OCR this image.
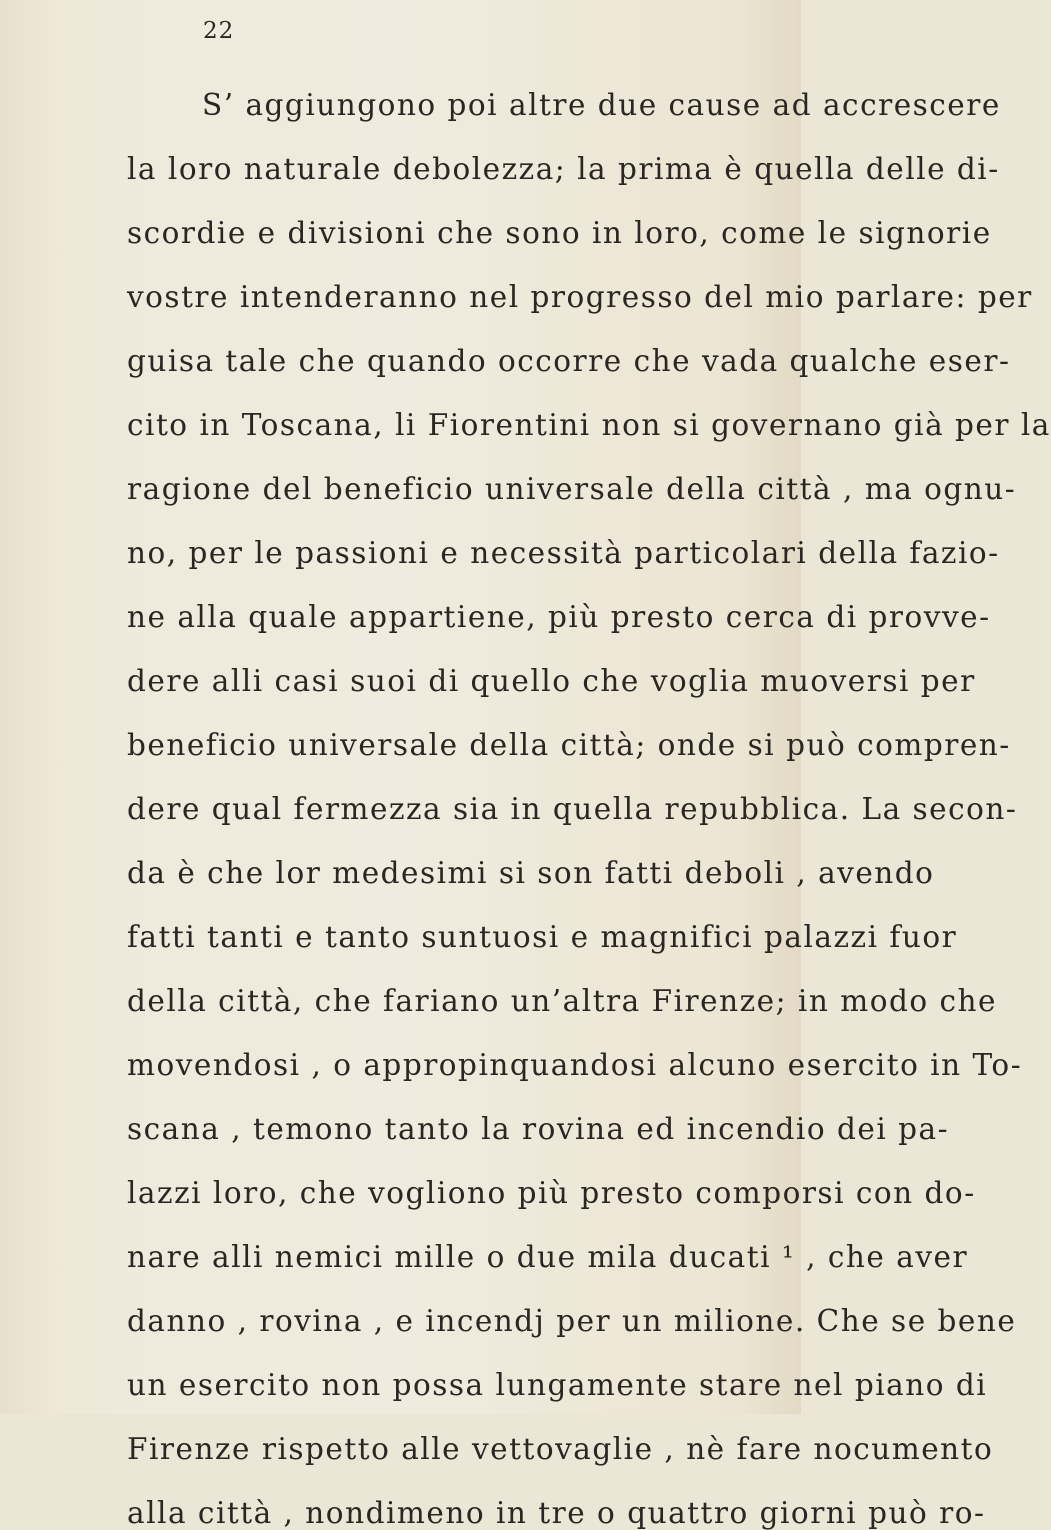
22
S’ aggiungono poi altre due cause ad accrescere
la loro naturale debolezza; la prima è quella delle di-
scordie e divisioni che sono in loro, come le signorie
vostre intenderanno nel progresso del mio parlare: per
guisa tale che quando occorre che vada qualche eser-
cito in Toscana, li Fiorentini non si governano già per la
ragione del beneficio universale della città , ma ognu-
no, per le passioni e necessità particolari della fazio-
ne alla quale appartiene, più presto cerca di provve-
dere alli casi suoi di quello che voglia muoversi per
beneficio universale della città; onde si può compren-
dere qual fermezza sia in quella repubblica. La secon-
da è che lor medesimi si son fatti deboli , avendo
fatti tanti e tanto suntuosi e magnifici palazzi fuor
della città, che fariano un’altra Firenze; in modo che
movendosi , o appropinquandosi alcuno esercito in To-
scana , temono tanto la rovina ed incendio dei pa-
lazzi loro, che vogliono più presto comporsi con do-
nare alli nemici mille o due mila ducati ¹ , che aver
danno , rovina , e incendj per un milione. Che se bene
un esercito non possa lungamente stare nel piano di
Firenze rispetto alle vettovaglie , nè fare nocumento
alla città , nondimeno in tre o quattro giorni può ro-
